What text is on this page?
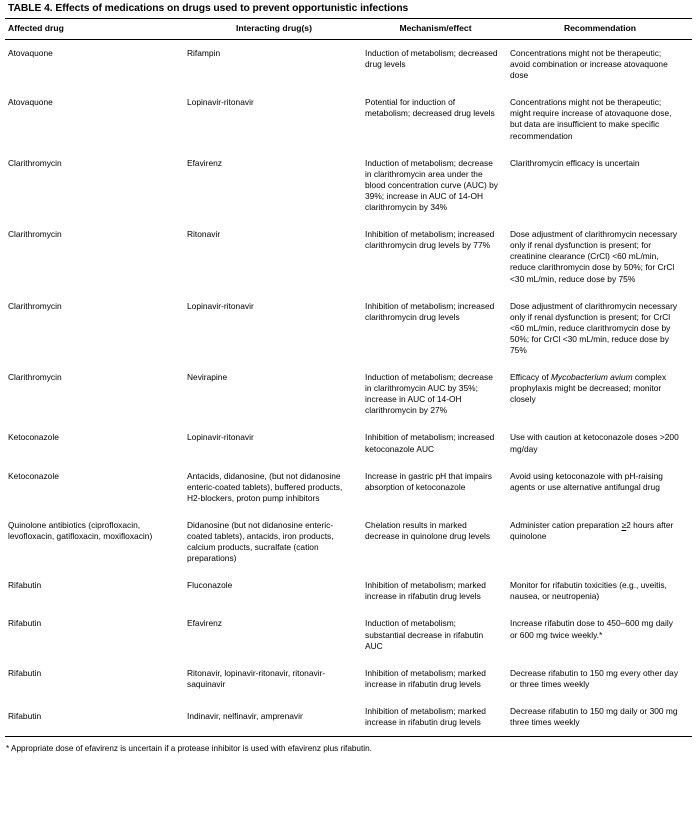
TABLE 4. Effects of medications on drugs used to prevent opportunistic infections
Affected drug	Interacting drug(s)	Mechanism/effect	Recommendation
Atovaquone	Rifampin	Induction of metabolism; decreased drug levels	Concentrations might not be therapeutic; avoid combination or increase atovaquone dose
Atovaquone	Lopinavir-ritonavir	Potential for induction of metabolism; decreased drug levels	Concentrations might not be therapeutic; might require increase of atovaquone dose, but data are insufficient to make specific recommendation
Clarithromycin	Efavirenz	Induction of metabolism; decrease in clarithromycin area under the blood concentration curve (AUC) by 39%; increase in AUC of 14-OH clarithromycin by 34%	Clarithromycin efficacy is uncertain
Clarithromycin	Ritonavir	Inhibition of metabolism; increased clarithromycin drug levels by 77%	Dose adjustment of clarithromycin necessary only if renal dysfunction is present; for creatinine clearance (CrCl) <60 mL/min, reduce clarithromycin dose by 50%; for CrCl <30 mL/min, reduce dose by 75%
Clarithromycin	Lopinavir-ritonavir	Inhibition of metabolism; increased clarithromycin drug levels	Dose adjustment of clarithromycin necessary only if renal dysfunction is present; for CrCl <60 mL/min, reduce clarithromycin dose by 50%; for CrCl <30 mL/min, reduce dose by 75%
Clarithromycin	Nevirapine	Induction of metabolism; decrease in clarithromycin AUC by 35%; increase in AUC of 14-OH clarithromycin by 27%	Efficacy of Mycobacterium avium complex prophylaxis might be decreased; monitor closely
Ketoconazole	Lopinavir-ritonavir	Inhibition of metabolism; increased ketoconazole AUC	Use with caution at ketoconazole doses >200 mg/day
Ketoconazole	Antacids, didanosine, (but not didanosine enteric-coated tablets), buffered products, H2-blockers, proton pump inhibitors	Increase in gastric pH that impairs absorption of ketoconazole	Avoid using ketoconazole with pH-raising agents or use alternative antifungal drug
Quinolone antibiotics (ciprofloxacin, levofloxacin, gatifloxacin, moxifloxacin)	Didanosine (but not didanosine enteric-coated tablets), antacids, iron products, calcium products, sucralfate (cation preparations)	Chelation results in marked decrease in quinolone drug levels	Administer cation preparation ≥2 hours after quinolone
Rifabutin	Fluconazole	Inhibition of metabolism; marked increase in rifabutin drug levels	Monitor for rifabutin toxicities (e.g., uveitis, nausea, or neutropenia)
Rifabutin	Efavirenz	Induction of metabolism; substantial decrease in rifabutin AUC	Increase rifabutin dose to 450–600 mg daily or 600 mg twice weekly.*
Rifabutin	Ritonavir, lopinavir-ritonavir, ritonavir-saquinavir	Inhibition of metabolism; marked increase in rifabutin drug levels	Decrease rifabutin to 150 mg every other day or three times weekly
Rifabutin	Indinavir, nelfinavir, amprenavir	Inhibition of metabolism; marked increase in rifabutin drug levels	Decrease rifabutin to 150 mg daily or 300 mg three times weekly
* Appropriate dose of efavirenz is uncertain if a protease inhibitor is used with efavirenz plus rifabutin.
